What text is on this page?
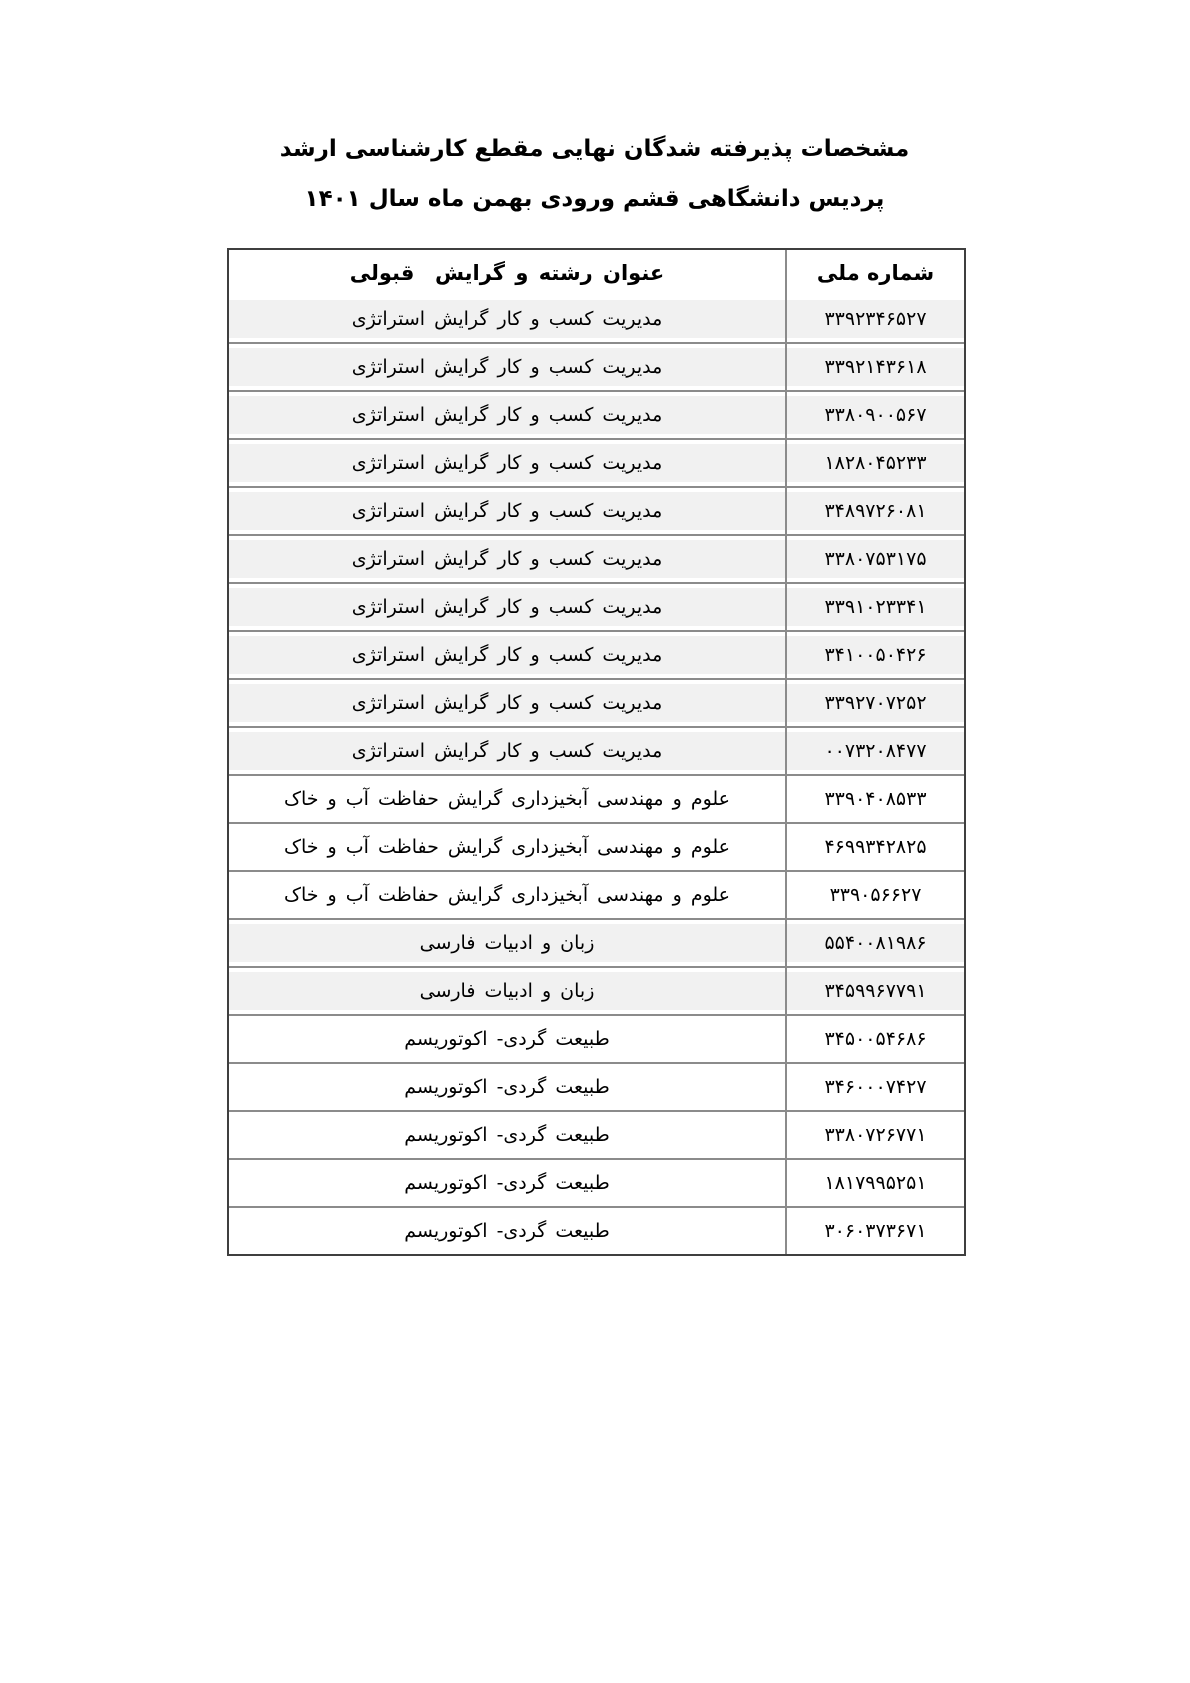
مشخصات پذیرفته شدگان نهایی مقطع کارشناسی ارشد
پردیس دانشگاهی قشم ورودی بهمن ماه سال ۱۴۰۱
شماره ملی	عنوان رشته و گرایش  قبولی
۳۳۹۲۳۴۶۵۲۷	مدیریت کسب و کار گرایش استراتژی
۳۳۹۲۱۴۳۶۱۸	مدیریت کسب و کار گرایش استراتژی
۳۳۸۰۹۰۰۵۶۷	مدیریت کسب و کار گرایش استراتژی
۱۸۲۸۰۴۵۲۳۳	مدیریت کسب و کار گرایش استراتژی
۳۴۸۹۷۲۶۰۸۱	مدیریت کسب و کار گرایش استراتژی
۳۳۸۰۷۵۳۱۷۵	مدیریت کسب و کار گرایش استراتژی
۳۳۹۱۰۲۳۳۴۱	مدیریت کسب و کار گرایش استراتژی
۳۴۱۰۰۵۰۴۲۶	مدیریت کسب و کار گرایش استراتژی
۳۳۹۲۷۰۷۲۵۲	مدیریت کسب و کار گرایش استراتژی
۰۰۷۳۲۰۸۴۷۷	مدیریت کسب و کار گرایش استراتژی
۳۳۹۰۴۰۸۵۳۳	علوم و مهندسی آبخیزداری گرایش حفاظت آب و خاک
۴۶۹۹۳۴۲۸۲۵	علوم و مهندسی آبخیزداری گرایش حفاظت آب و خاک
۳۳۹۰۵۶۶۲۷	علوم و مهندسی آبخیزداری گرایش حفاظت آب و خاک
۵۵۴۰۰۸۱۹۸۶	زبان و ادبیات فارسی
۳۴۵۹۹۶۷۷۹۱	زبان و ادبیات فارسی
۳۴۵۰۰۵۴۶۸۶	طبیعت گردی- اکوتوریسم
۳۴۶۰۰۰۷۴۲۷	طبیعت گردی- اکوتوریسم
۳۳۸۰۷۲۶۷۷۱	طبیعت گردی- اکوتوریسم
۱۸۱۷۹۹۵۲۵۱	طبیعت گردی- اکوتوریسم
۳۰۶۰۳۷۳۶۷۱	طبیعت گردی- اکوتوریسم
